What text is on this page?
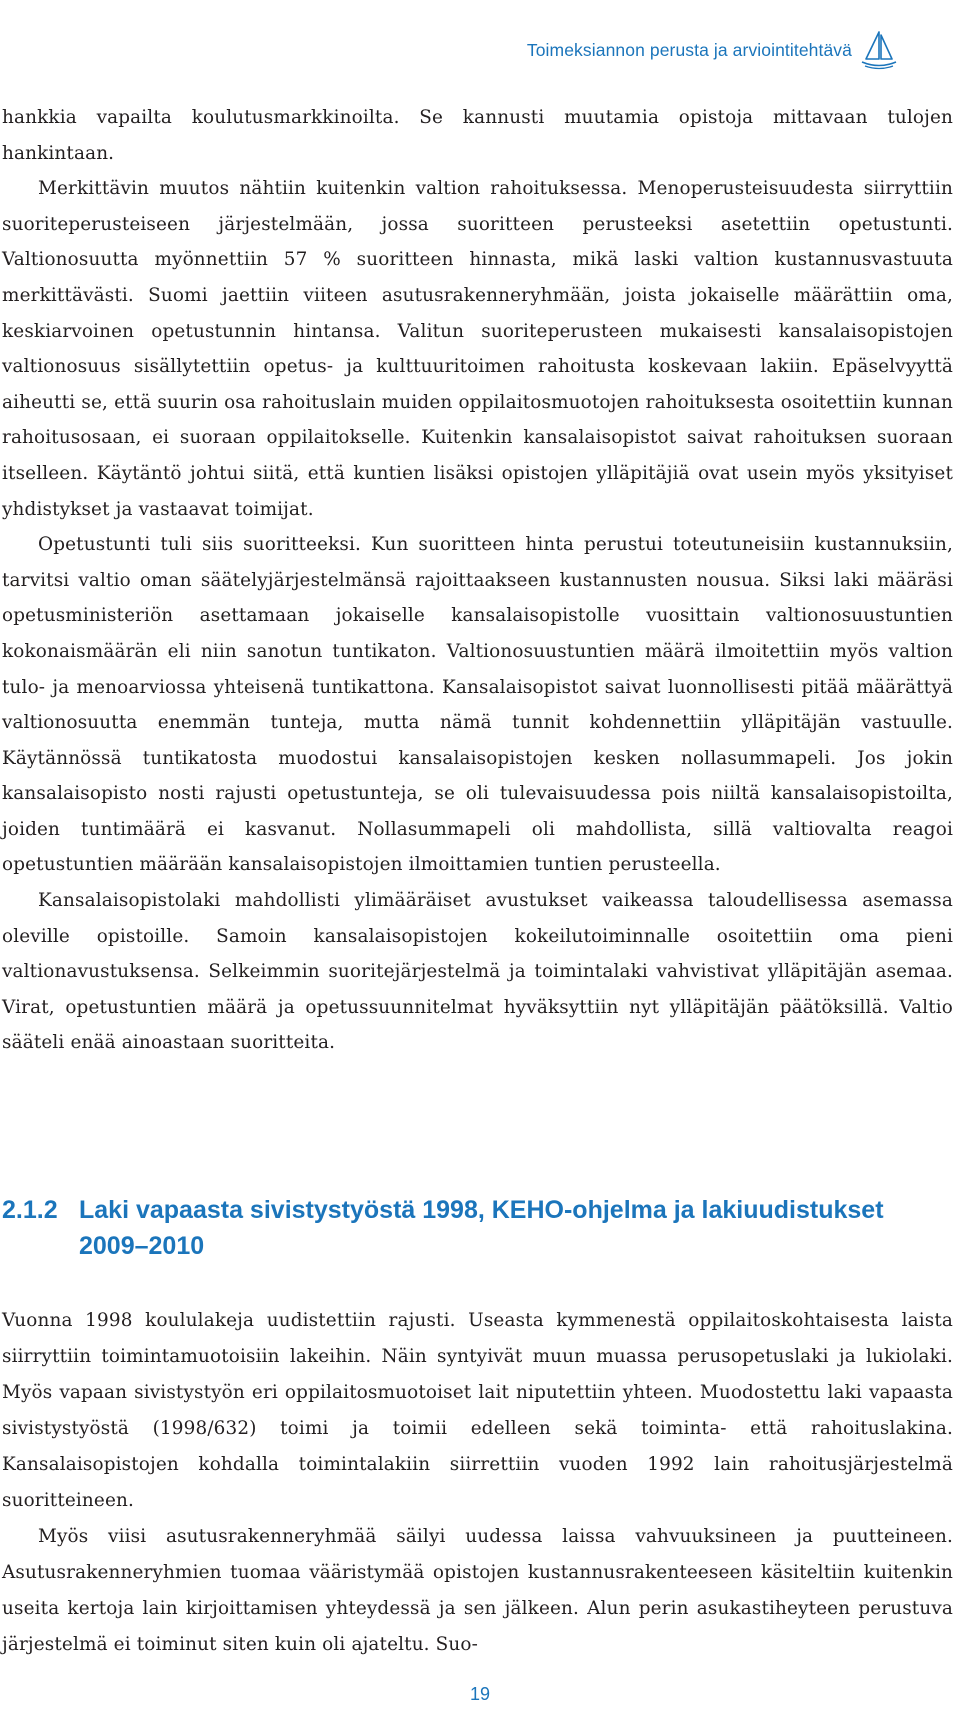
Toimeksiannon perusta ja arviointitehtävä

hankkia vapailta koulutusmarkkinoilta. Se kannusti muutamia opistoja mittavaan tulojen hankintaan.

Merkittävin muutos nähtiin kuitenkin valtion rahoituksessa. Menoperusteisuudesta siirryttiin suoriteperusteiseen järjestelmään, jossa suoritteen perusteeksi asetettiin opetustunti. Valtionosuutta myönnettiin 57 % suoritteen hinnasta, mikä laski valtion kustannusvastuuta merkittävästi. Suomi jaettiin viiteen asutusrakenneryhmään, joista jokaiselle määrättiin oma, keskiarvoinen opetustunnin hintansa. Valitun suoriteperusteen mukaisesti kansalaisopistojen valtionosuus sisällytettiin opetus- ja kulttuuritoimen rahoitusta koskevaan lakiin. Epäselvyyttä aiheutti se, että suurin osa rahoituslain muiden oppilaitosmuotojen rahoituksesta osoitettiin kunnan rahoitusosaan, ei suoraan oppilaitokselle. Kuitenkin kansalaisopistot saivat rahoituksen suoraan itselleen. Käytäntö johtui siitä, että kuntien lisäksi opistojen ylläpitäjiä ovat usein myös yksityiset yhdistykset ja vastaavat toimijat.

Opetustunti tuli siis suoritteeksi. Kun suoritteen hinta perustui toteutuneisiin kustannuksiin, tarvitsi valtio oman säätelyjärjestelmänsä rajoittaakseen kustannusten nousua. Siksi laki määräsi opetusministeriön asettamaan jokaiselle kansalaisopistolle vuosittain valtionosuustuntien kokonaismäärän eli niin sanotun tuntikaton. Valtionosuustuntien määrä ilmoitettiin myös valtion tulo- ja menoarviossa yhteisenä tuntikattona. Kansalaisopistot saivat luonnollisesti pitää määrättyä valtionosuutta enemmän tunteja, mutta nämä tunnit kohdennettiin ylläpitäjän vastuulle. Käytännössä tuntikatosta muodostui kansalaisopistojen kesken nollasummapeli. Jos jokin kansalaisopisto nosti rajusti opetustunteja, se oli tulevaisuudessa pois niiltä kansalaisopistoilta, joiden tuntimäärä ei kasvanut. Nollasummapeli oli mahdollista, sillä valtiovalta reagoi opetustuntien määrään kansalaisopistojen ilmoittamien tuntien perusteella.

Kansalaisopistolaki mahdollisti ylimääräiset avustukset vaikeassa taloudellisessa asemassa oleville opistoille. Samoin kansalaisopistojen kokeilutoiminnalle osoitettiin oma pieni valtionavustuksensa. Selkeimmin suoritejärjestelmä ja toimintalaki vahvistivat ylläpitäjän asemaa. Virat, opetustuntien määrä ja opetussuunnitelmat hyväksyttiin nyt ylläpitäjän päätöksillä. Valtio sääteli enää ainoastaan suoritteita.

2.1.2 Laki vapaasta sivistystyöstä 1998, KEHO-ohjelma ja lakiuudistukset 2009–2010

Vuonna 1998 koululakeja uudistettiin rajusti. Useasta kymmenestä oppilaitoskohtaisesta laista siirryttiin toimintamuotoisiin lakeihin. Näin syntyivät muun muassa perusopetuslaki ja lukiolaki. Myös vapaan sivistystyön eri oppilaitosmuotoiset lait niputettiin yhteen. Muodostettu laki vapaasta sivistystyöstä (1998/632) toimi ja toimii edelleen sekä toiminta- että rahoituslakina. Kansalaisopistojen kohdalla toimintalakiin siirrettiin vuoden 1992 lain rahoitusjärjestelmä suoritteineen.

Myös viisi asutusrakenneryhmää säilyi uudessa laissa vahvuuksineen ja puutteineen. Asutusrakenneryhmien tuomaa vääristymää opistojen kustannusrakenteeseen käsiteltiin kuitenkin useita kertoja lain kirjoittamisen yhteydessä ja sen jälkeen. Alun perin asukastiheyteen perustuva järjestelmä ei toiminut siten kuin oli ajateltu. Suo-

19
